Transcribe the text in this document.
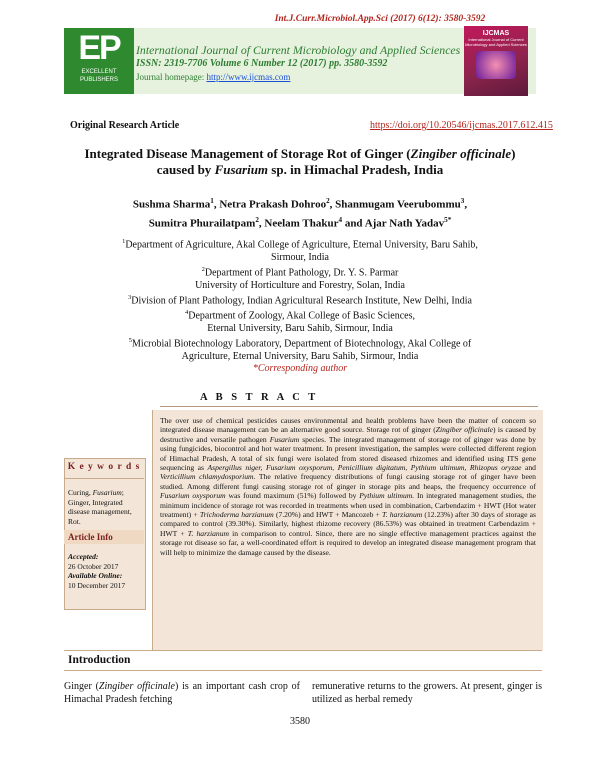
Int.J.Curr.Microbiol.App.Sci (2017) 6(12): 3580-3592
EP
EXCELLENT
PUBLISHERS
International Journal of Current Microbiology and Applied Sciences
ISSN: 2319-7706 Volume 6 Number 12 (2017) pp. 3580-3592
Journal homepage: http://www.ijcmas.com
IJCMAS
International Journal of Current Microbiology and Applied Sciences
Original Research Article	https://doi.org/10.20546/ijcmas.2017.612.415
Integrated Disease Management of Storage Rot of Ginger (Zingiber officinale)
caused by Fusarium sp. in Himachal Pradesh, India
Sushma Sharma$^1$, Netra Prakash Dohroo$^2$, Shanmugam Veerubommu$^3$,
Sumitra Phurailatpam$^2$, Neelam Thakur$^4$ and Ajar Nath Yadav$^{5*}$
$^1$Department of Agriculture, Akal College of Agriculture, Eternal University, Baru Sahib,
Sirmour, India
$^2$Department of Plant Pathology, Dr. Y. S. Parmar
University of Horticulture and Forestry, Solan, India
$^3$Division of Plant Pathology, Indian Agricultural Research Institute, New Delhi, India
$^4$Department of Zoology, Akal College of Basic Sciences,
Eternal University, Baru Sahib, Sirmour, India
$^5$Microbial Biotechnology Laboratory, Department of Biotechnology, Akal College of
Agriculture, Eternal University, Baru Sahib, Sirmour, India
*Corresponding author
A B S T R A C T
The over use of chemical pesticides causes environmental and health problems have been the matter of concern so integrated disease management can be an alternative good source. Storage rot of ginger (Zingiber officinale) is caused by destructive and versatile pathogen Fusarium species. The integrated management of storage rot of ginger was done by using fungicides, biocontrol and hot water treatment. In present investigation, the samples were collected different region of Himachal Pradesh, A total of six fungi were isolated from stored diseased rhizomes and identified using ITS gene sequencing as Aspergillus niger, Fusarium oxysporum, Penicillium digitatum, Pythium ultimum, Rhizopus oryzae and Verticillium chlamydosporium. The relative frequency distributions of fungi causing storage rot of ginger have been studied. Among different fungi causing storage rot of ginger in storage pits and heaps, the frequency occurrence of Fusarium oxysporum was found maximum (51%) followed by Pythium ultimum. In integrated management studies, the minimum incidence of storage rot was recorded in treatments when used in combination, Carbendazim + HWT (Hot water treatment) + Trichoderma harzianum (7.20%) and HWT + Mancozeb + T. harzianum (12.23%) after 30 days of storage as compared to control (39.30%). Similarly, highest rhizome recovery (86.53%) was obtained in treatment Carbendazim + HWT + T. harzianum in comparison to control. Since, there are no single effective management practices against the storage rot disease so far, a well-coordinated effort is required to develop an integrated disease management program that will help to minimize the damage caused by the disease.
K e y w o r d s
Curing, Fusarium; Ginger, Integrated disease management, Rot.
Article Info
Accepted:
26 October 2017
Available Online:
10 December 2017
Introduction
Ginger (Zingiber officinale) is an important cash crop of Himachal Pradesh fetching
remunerative returns to the growers. At present, ginger is utilized as herbal remedy
3580
